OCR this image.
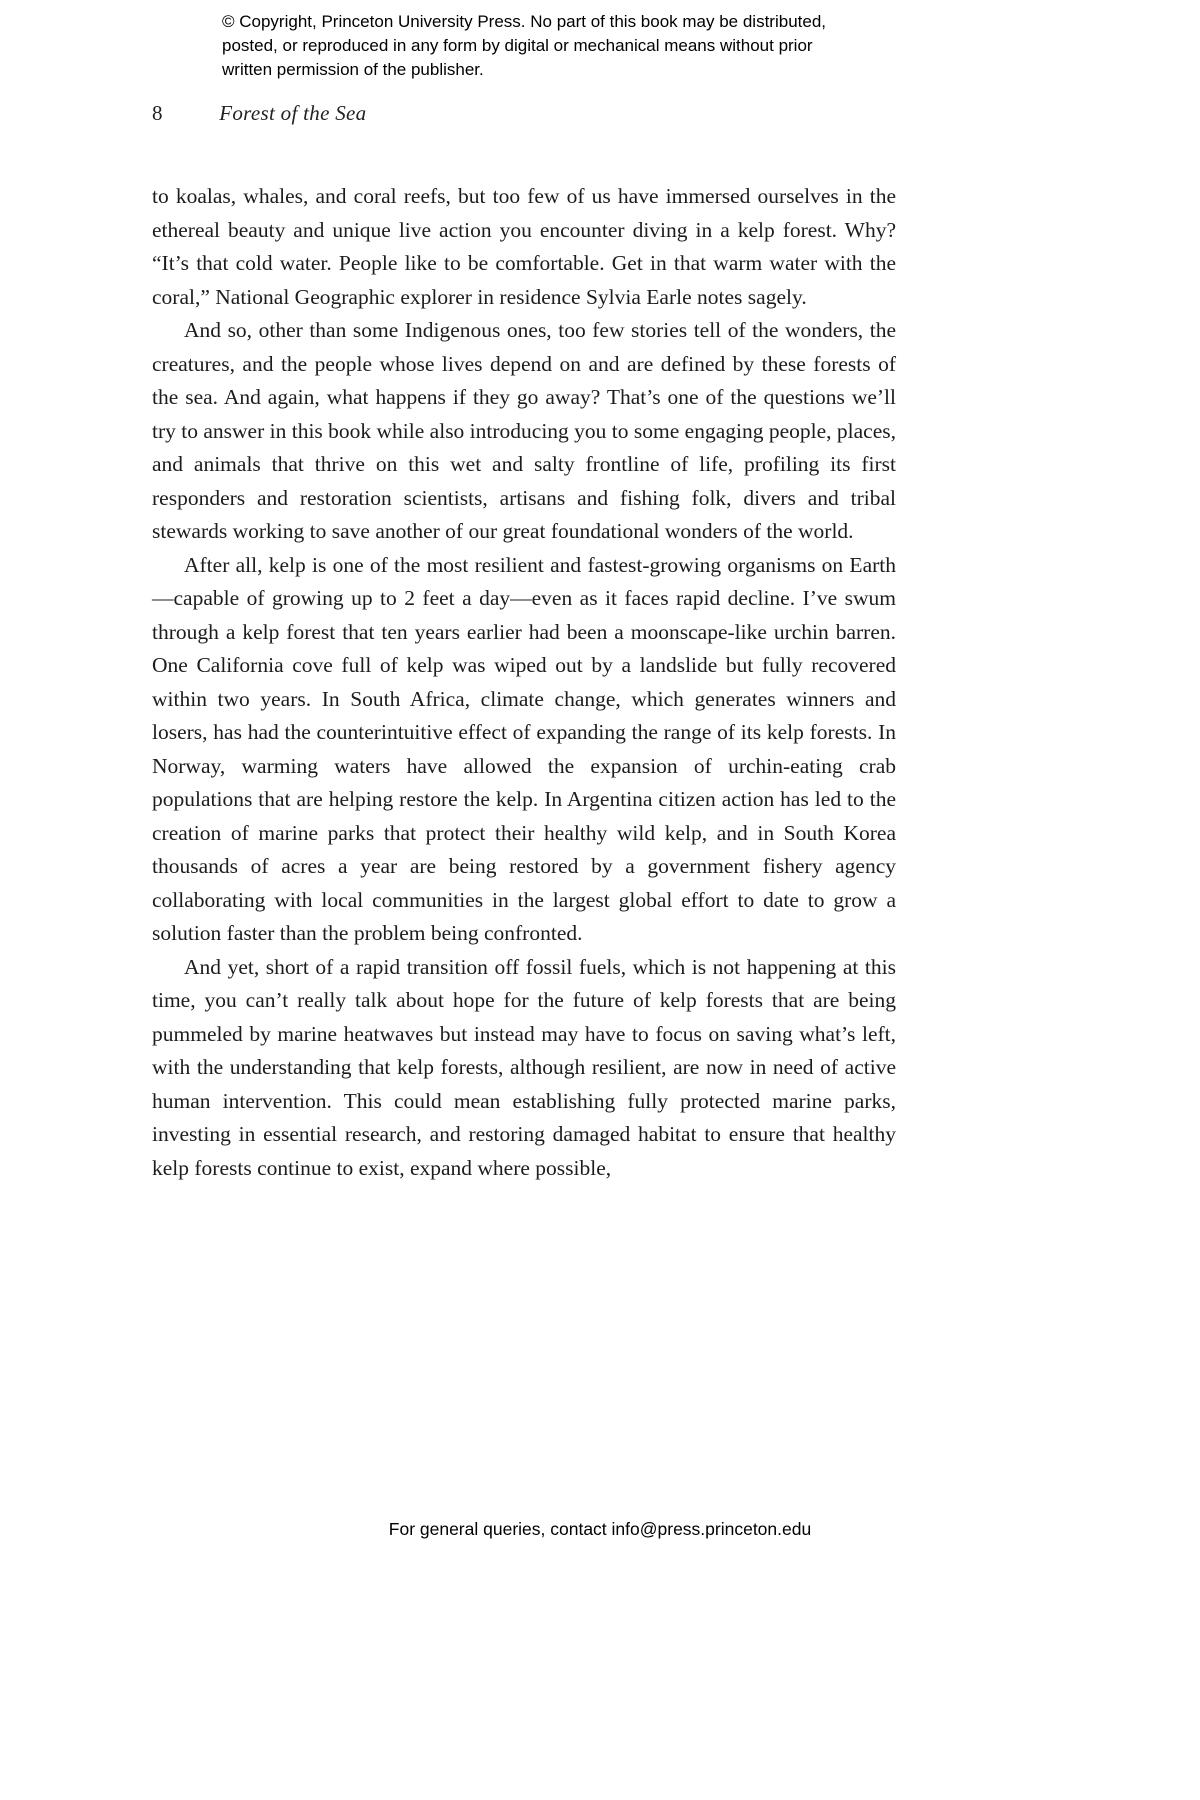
© Copyright, Princeton University Press. No part of this book may be distributed, posted, or reproduced in any form by digital or mechanical means without prior written permission of the publisher.
8	Forest of the Sea

to koalas, whales, and coral reefs, but too few of us have immersed ourselves in the ethereal beauty and unique live action you encounter diving in a kelp forest. Why? “It’s that cold water. People like to be comfortable. Get in that warm water with the coral,” National Geographic explorer in residence Sylvia Earle notes sagely.

And so, other than some Indigenous ones, too few stories tell of the wonders, the creatures, and the people whose lives depend on and are defined by these forests of the sea. And again, what happens if they go away? That’s one of the questions we’ll try to answer in this book while also introducing you to some engaging people, places, and animals that thrive on this wet and salty frontline of life, profiling its first responders and restoration scientists, artisans and fishing folk, divers and tribal stewards working to save another of our great foundational wonders of the world.

After all, kelp is one of the most resilient and fastest-growing organisms on Earth—capable of growing up to 2 feet a day—even as it faces rapid decline. I’ve swum through a kelp forest that ten years earlier had been a moonscape-like urchin barren. One California cove full of kelp was wiped out by a landslide but fully recovered within two years. In South Africa, climate change, which generates winners and losers, has had the counterintuitive effect of expanding the range of its kelp forests. In Norway, warming waters have allowed the expansion of urchin-eating crab populations that are helping restore the kelp. In Argentina citizen action has led to the creation of marine parks that protect their healthy wild kelp, and in South Korea thousands of acres a year are being restored by a government fishery agency collaborating with local communities in the largest global effort to date to grow a solution faster than the problem being confronted.

And yet, short of a rapid transition off fossil fuels, which is not happening at this time, you can’t really talk about hope for the future of kelp forests that are being pummeled by marine heatwaves but instead may have to focus on saving what’s left, with the understanding that kelp forests, although resilient, are now in need of active human intervention. This could mean establishing fully protected marine parks, investing in essential research, and restoring damaged habitat to ensure that healthy kelp forests continue to exist, expand where possible,

For general queries, contact info@press.princeton.edu
